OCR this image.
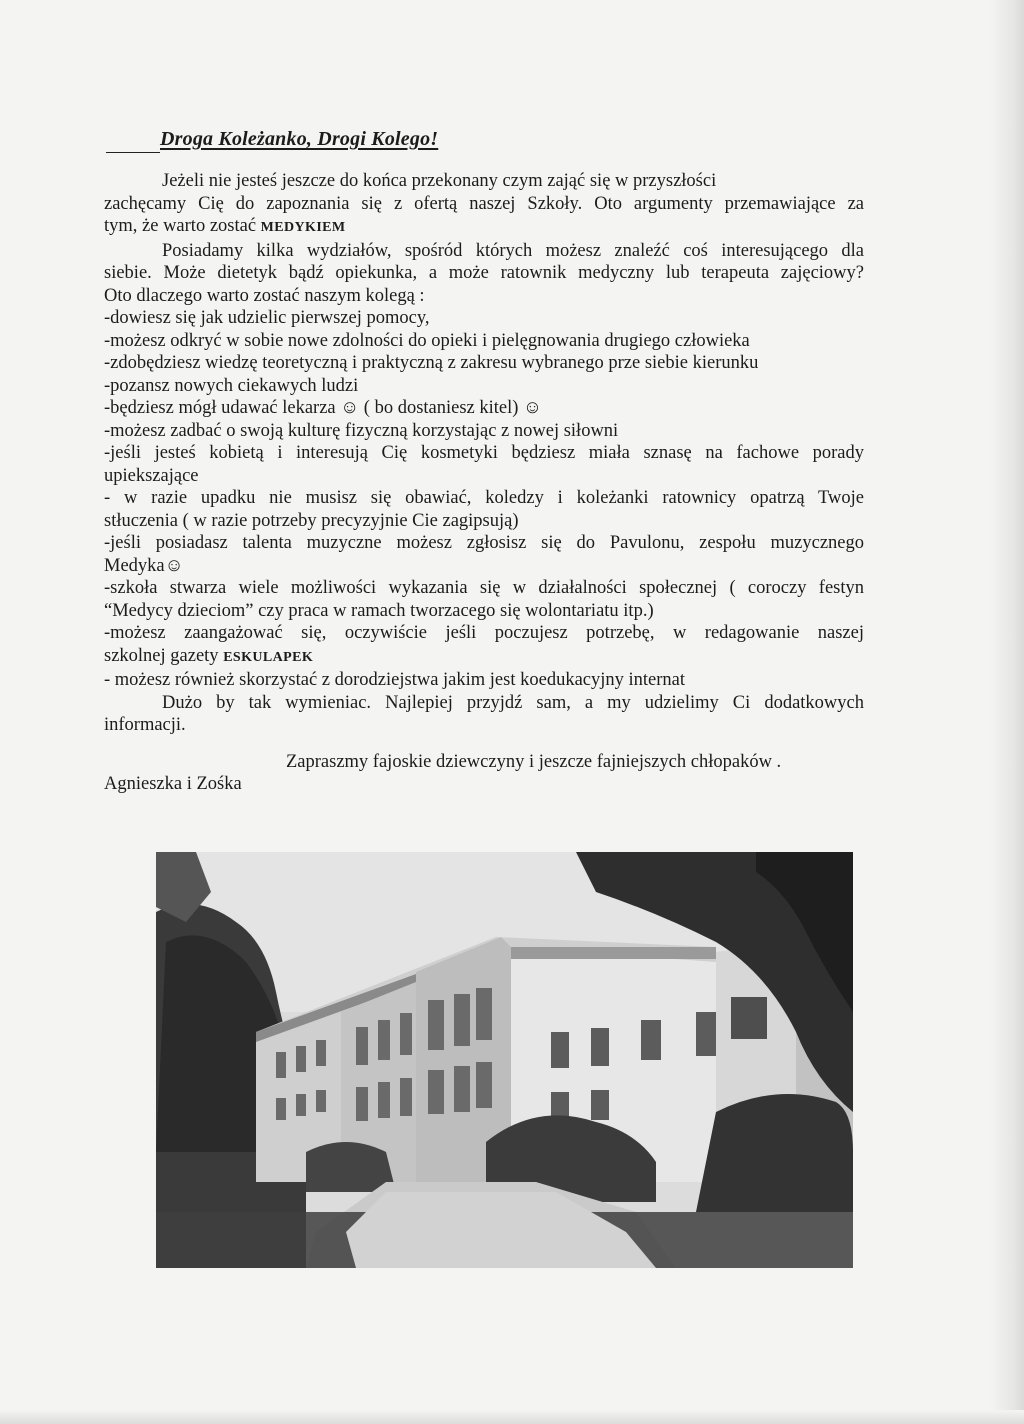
Droga Koleżanko, Drogi Kolego!

Jeżeli nie jesteś jeszcze do końca przekonany czym zająć się w przyszłości

zachęcamy Cię do zapoznania się z ofertą naszej Szkoły. Oto argumenty przemawiające za

tym, że warto zostać MEDYKIEM

Posiadamy kilka wydziałów, spośród których możesz znaleźć coś interesującego dla

siebie. Może dietetyk bądź opiekunka, a może ratownik medyczny lub terapeuta zajęciowy?

Oto dlaczego warto zostać naszym kolegą :

-dowiesz się jak udzielic pierwszej pomocy,

-możesz odkryć w sobie nowe zdolności do opieki i pielęgnowania drugiego człowieka

-zdobędziesz wiedzę teoretyczną i praktyczną z zakresu wybranego prze siebie kierunku

-pozansz nowych ciekawych ludzi

-będziesz mógł udawać lekarza ☺ ( bo dostaniesz kitel) ☺

-możesz zadbać o swoją kulturę fizyczną korzystając z nowej siłowni

-jeśli jesteś kobietą i interesują Cię kosmetyki będziesz miała sznasę na fachowe porady

upiekszające

- w razie upadku nie musisz się obawiać, koledzy i koleżanki ratownicy opatrzą Twoje

stłuczenia ( w razie potrzeby precyzyjnie Cie zagipsują)

-jeśli posiadasz talenta muzyczne możesz zgłosisz się do Pavulonu, zespołu muzycznego

Medyka☺

-szkoła stwarza wiele możliwości wykazania się w działalności społecznej ( coroczy festyn

“Medycy dzieciom” czy praca w ramach tworzacego się wolontariatu itp.)

-możesz zaangażować się, oczywiście jeśli poczujesz potrzebę, w redagowanie naszej

szkolnej gazety ESKULAPEK

- możesz również skorzystać z dorodziejstwa jakim jest koedukacyjny internat

Dużo by tak wymieniac. Najlepiej przyjdź sam, a my udzielimy Ci dodatkowych

informacji.

Zapraszmy fajoskie dziewczyny i jeszcze fajniejszych chłopaków .

Agnieszka i Zośka
